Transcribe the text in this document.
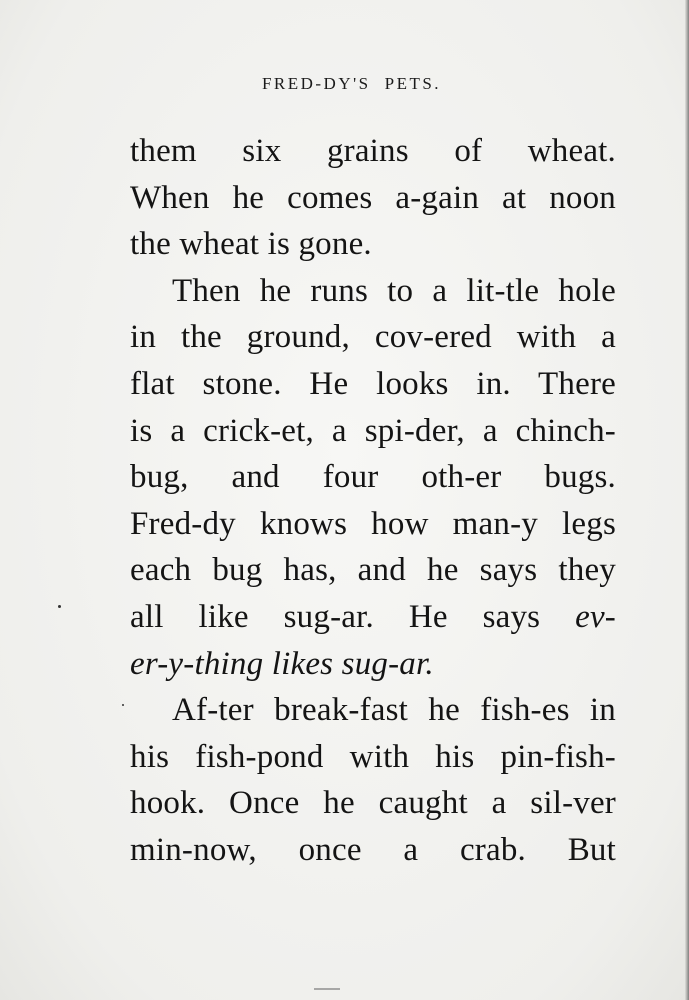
FRED-DY'S PETS.
them six grains of wheat.
When he comes a-gain at noon
the wheat is gone.
Then he runs to a lit-tle hole
in the ground, cov-ered with a
flat stone. He looks in. There
is a crick-et, a spi-der, a chinch-
bug, and four oth-er bugs.
Fred-dy knows how man-y legs
each bug has, and he says they
all like sug-ar. He says ev-
er-y-thing likes sug-ar.
Af-ter break-fast he fish-es in
his fish-pond with his pin-fish-
hook. Once he caught a sil-ver
min-now, once a crab. But
